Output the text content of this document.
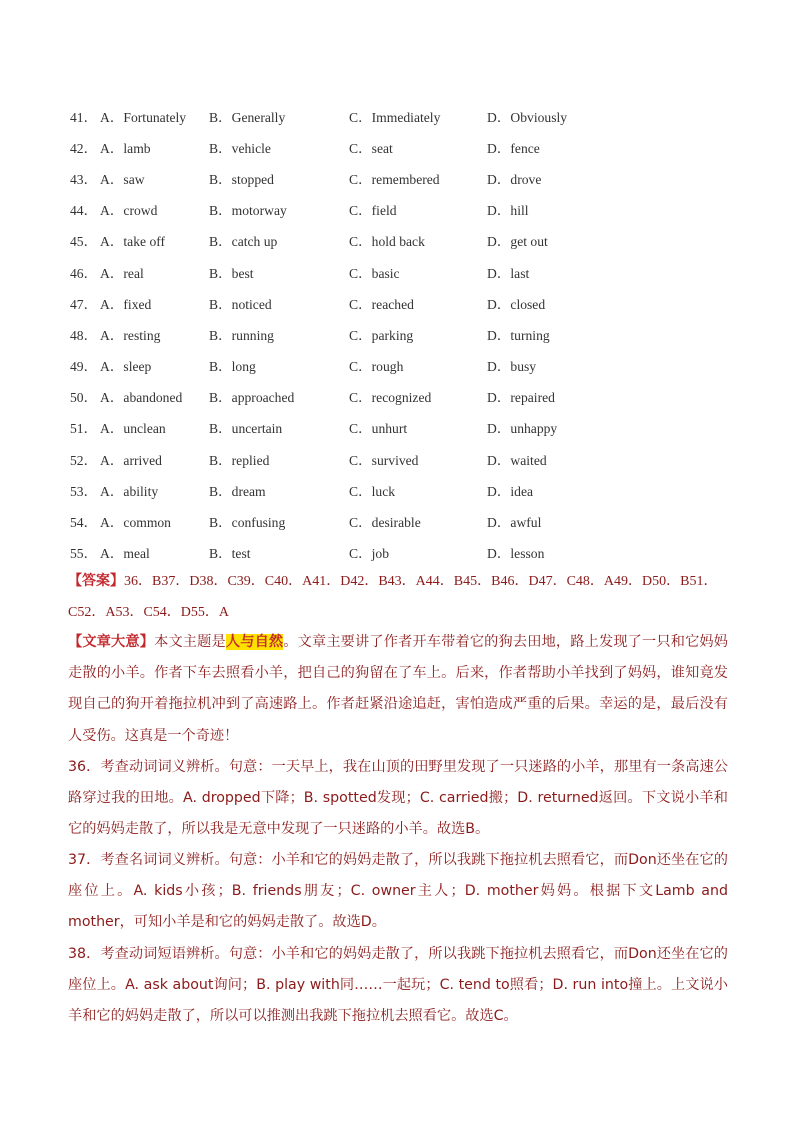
41． A．Fortunately	B．Generally	C．Immediately	D．Obviously
42． A．lamb	B．vehicle	C．seat	D．fence
43． A．saw	B．stopped	C．remembered	D．drove
44． A．crowd	B．motorway	C．field	D．hill
45． A．take off	B．catch up	C．hold back	D．get out
46． A．real	B．best	C．basic	D．last
47． A．fixed	B．noticed	C．reached	D．closed
48． A．resting	B．running	C．parking	D．turning
49． A．sleep	B．long	C．rough	D．busy
50． A．abandoned	B．approached	C．recognized	D．repaired
51． A．unclean	B．uncertain	C．unhurt	D．unhappy
52． A．arrived	B．replied	C．survived	D．waited
53． A．ability	B．dream	C．luck	D．idea
54． A．common	B．confusing	C．desirable	D．awful
55． A．meal	B．test	C．job	D．lesson
【答案】36．B37．D38．C39．C40．A41．D42．B43．A44．B45．B46．D47．C48．A49．D50．B51．C52．A53．C54．D55．A
【文章大意】本文主题是人与自然。文章主要讲了作者开车带着它的狗去田地，路上发现了一只和它妈妈走散的小羊。作者下车去照看小羊，把自己的狗留在了车上。后来，作者帮助小羊找到了妈妈，谁知竟发现自己的狗开着拖拉机冲到了高速路上。作者赶紧沿途追赶，害怕造成严重的后果。幸运的是，最后没有人受伤。这真是一个奇迹！
36．考查动词词义辨析。句意：一天早上，我在山顶的田野里发现了一只迷路的小羊，那里有一条高速公路穿过我的田地。A. dropped下降；B. spotted发现；C. carried搬；D. returned返回。下文说小羊和它的妈妈走散了，所以我是无意中发现了一只迷路的小羊。故选B。
37．考查名词词义辨析。句意：小羊和它的妈妈走散了，所以我跳下拖拉机去照看它，而Don还坐在它的座位上。A. kids小孩；B. friends朋友；C. owner主人；D. mother妈妈。根据下文Lamb and mother，可知小羊是和它的妈妈走散了。故选D。
38．考查动词短语辨析。句意：小羊和它的妈妈走散了，所以我跳下拖拉机去照看它，而Don还坐在它的座位上。A. ask about询问；B. play with同……一起玩；C. tend to照看；D. run into撞上。上文说小羊和它的妈妈走散了，所以可以推测出我跳下拖拉机去照看它。故选C。
